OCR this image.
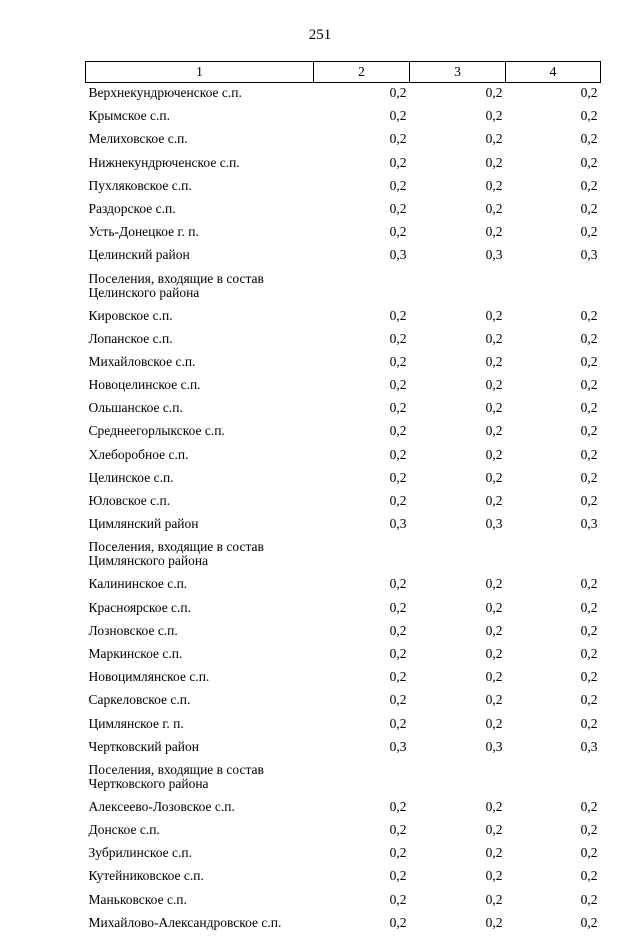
251
1	2	3	4
Верхнекундрюченское с.п.	0,2	0,2	0,2
Крымское с.п.	0,2	0,2	0,2
Мелиховское с.п.	0,2	0,2	0,2
Нижнекундрюченское с.п.	0,2	0,2	0,2
Пухляковское с.п.	0,2	0,2	0,2
Раздорское с.п.	0,2	0,2	0,2
Усть-Донецкое г. п.	0,2	0,2	0,2
Целинский район	0,3	0,3	0,3

Поселения, входящие в состав
Целинского района			

Кировское с.п.	0,2	0,2	0,2
Лопанское с.п.	0,2	0,2	0,2
Михайловское с.п.	0,2	0,2	0,2
Новоцелинское с.п.	0,2	0,2	0,2
Ольшанское с.п.	0,2	0,2	0,2
Среднеегорлыкское с.п.	0,2	0,2	0,2
Хлеборобное с.п.	0,2	0,2	0,2
Целинское с.п.	0,2	0,2	0,2
Юловское с.п.	0,2	0,2	0,2
Цимлянский район	0,3	0,3	0,3

Поселения, входящие в состав
Цимлянского района			

Калининское с.п.	0,2	0,2	0,2
Красноярское с.п.	0,2	0,2	0,2
Лозновское с.п.	0,2	0,2	0,2
Маркинское с.п.	0,2	0,2	0,2
Новоцимлянское с.п.	0,2	0,2	0,2
Саркеловское с.п.	0,2	0,2	0,2
Цимлянское г. п.	0,2	0,2	0,2
Чертковский район	0,3	0,3	0,3

Поселения, входящие в состав
Чертковского района			

Алексеево-Лозовское с.п.	0,2	0,2	0,2
Донское с.п.	0,2	0,2	0,2
Зубрилинское с.п.	0,2	0,2	0,2
Кутейниковское с.п.	0,2	0,2	0,2
Маньковское с.п.	0,2	0,2	0,2
Михайлово-Александровское с.п.	0,2	0,2	0,2
